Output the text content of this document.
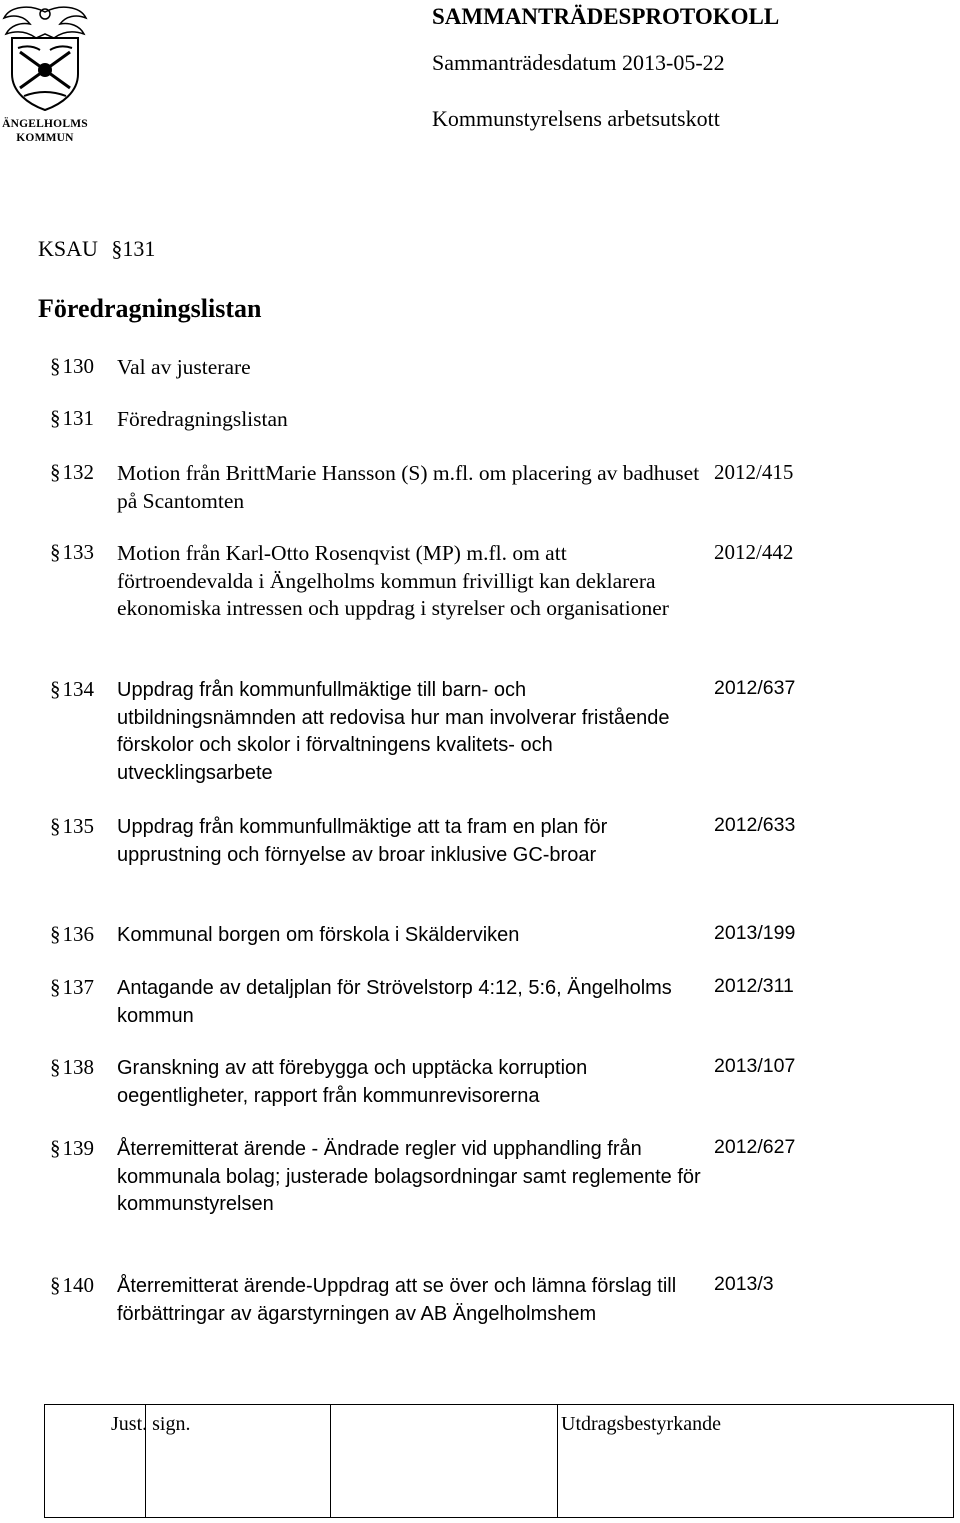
ÄNGELHOLMS
KOMMUN
SAMMANTRÄDESPROTOKOLL
Sammanträdesdatum 2013-05-22
Kommunstyrelsens arbetsutskott
KSAU §131
Föredragningslistan
§130 Val av justerare
§131 Föredragningslistan
§132 Motion från BrittMarie Hansson (S) m.fl. om placering av badhuset på Scantomten
2012/415
§133 Motion från Karl-Otto Rosenqvist (MP) m.fl. om att förtroendevalda i Ängelholms kommun frivilligt kan deklarera ekonomiska intressen och uppdrag i styrelser och organisationer
2012/442
§134 Uppdrag från kommunfullmäktige till barn- och utbildningsnämnden att redovisa hur man involverar fristående förskolor och skolor i förvaltningens kvalitets- och utvecklingsarbete
2012/637
§135 Uppdrag från kommunfullmäktige att ta fram en plan för upprustning och förnyelse av broar inklusive GC-broar
2012/633
§136 Kommunal borgen om förskola i Skälderviken	2013/199
§137 Antagande av detaljplan för Strövelstorp 4:12, 5:6, Ängelholms kommun
2012/311
§138 Granskning av att förebygga och upptäcka korruption oegentligheter, rapport från kommunrevisorerna
2013/107
§139 Återremitterat ärende - Ändrade regler vid upphandling från kommunala bolag; justerade bolagsordningar samt reglemente för kommunstyrelsen
2012/627
§140 Återremitterat ärende-Uppdrag att se över och lämna förslag till förbättringar av ägarstyrningen av AB Ängelholmshem
2013/3
Just. sign.	Utdragsbestyrkande
